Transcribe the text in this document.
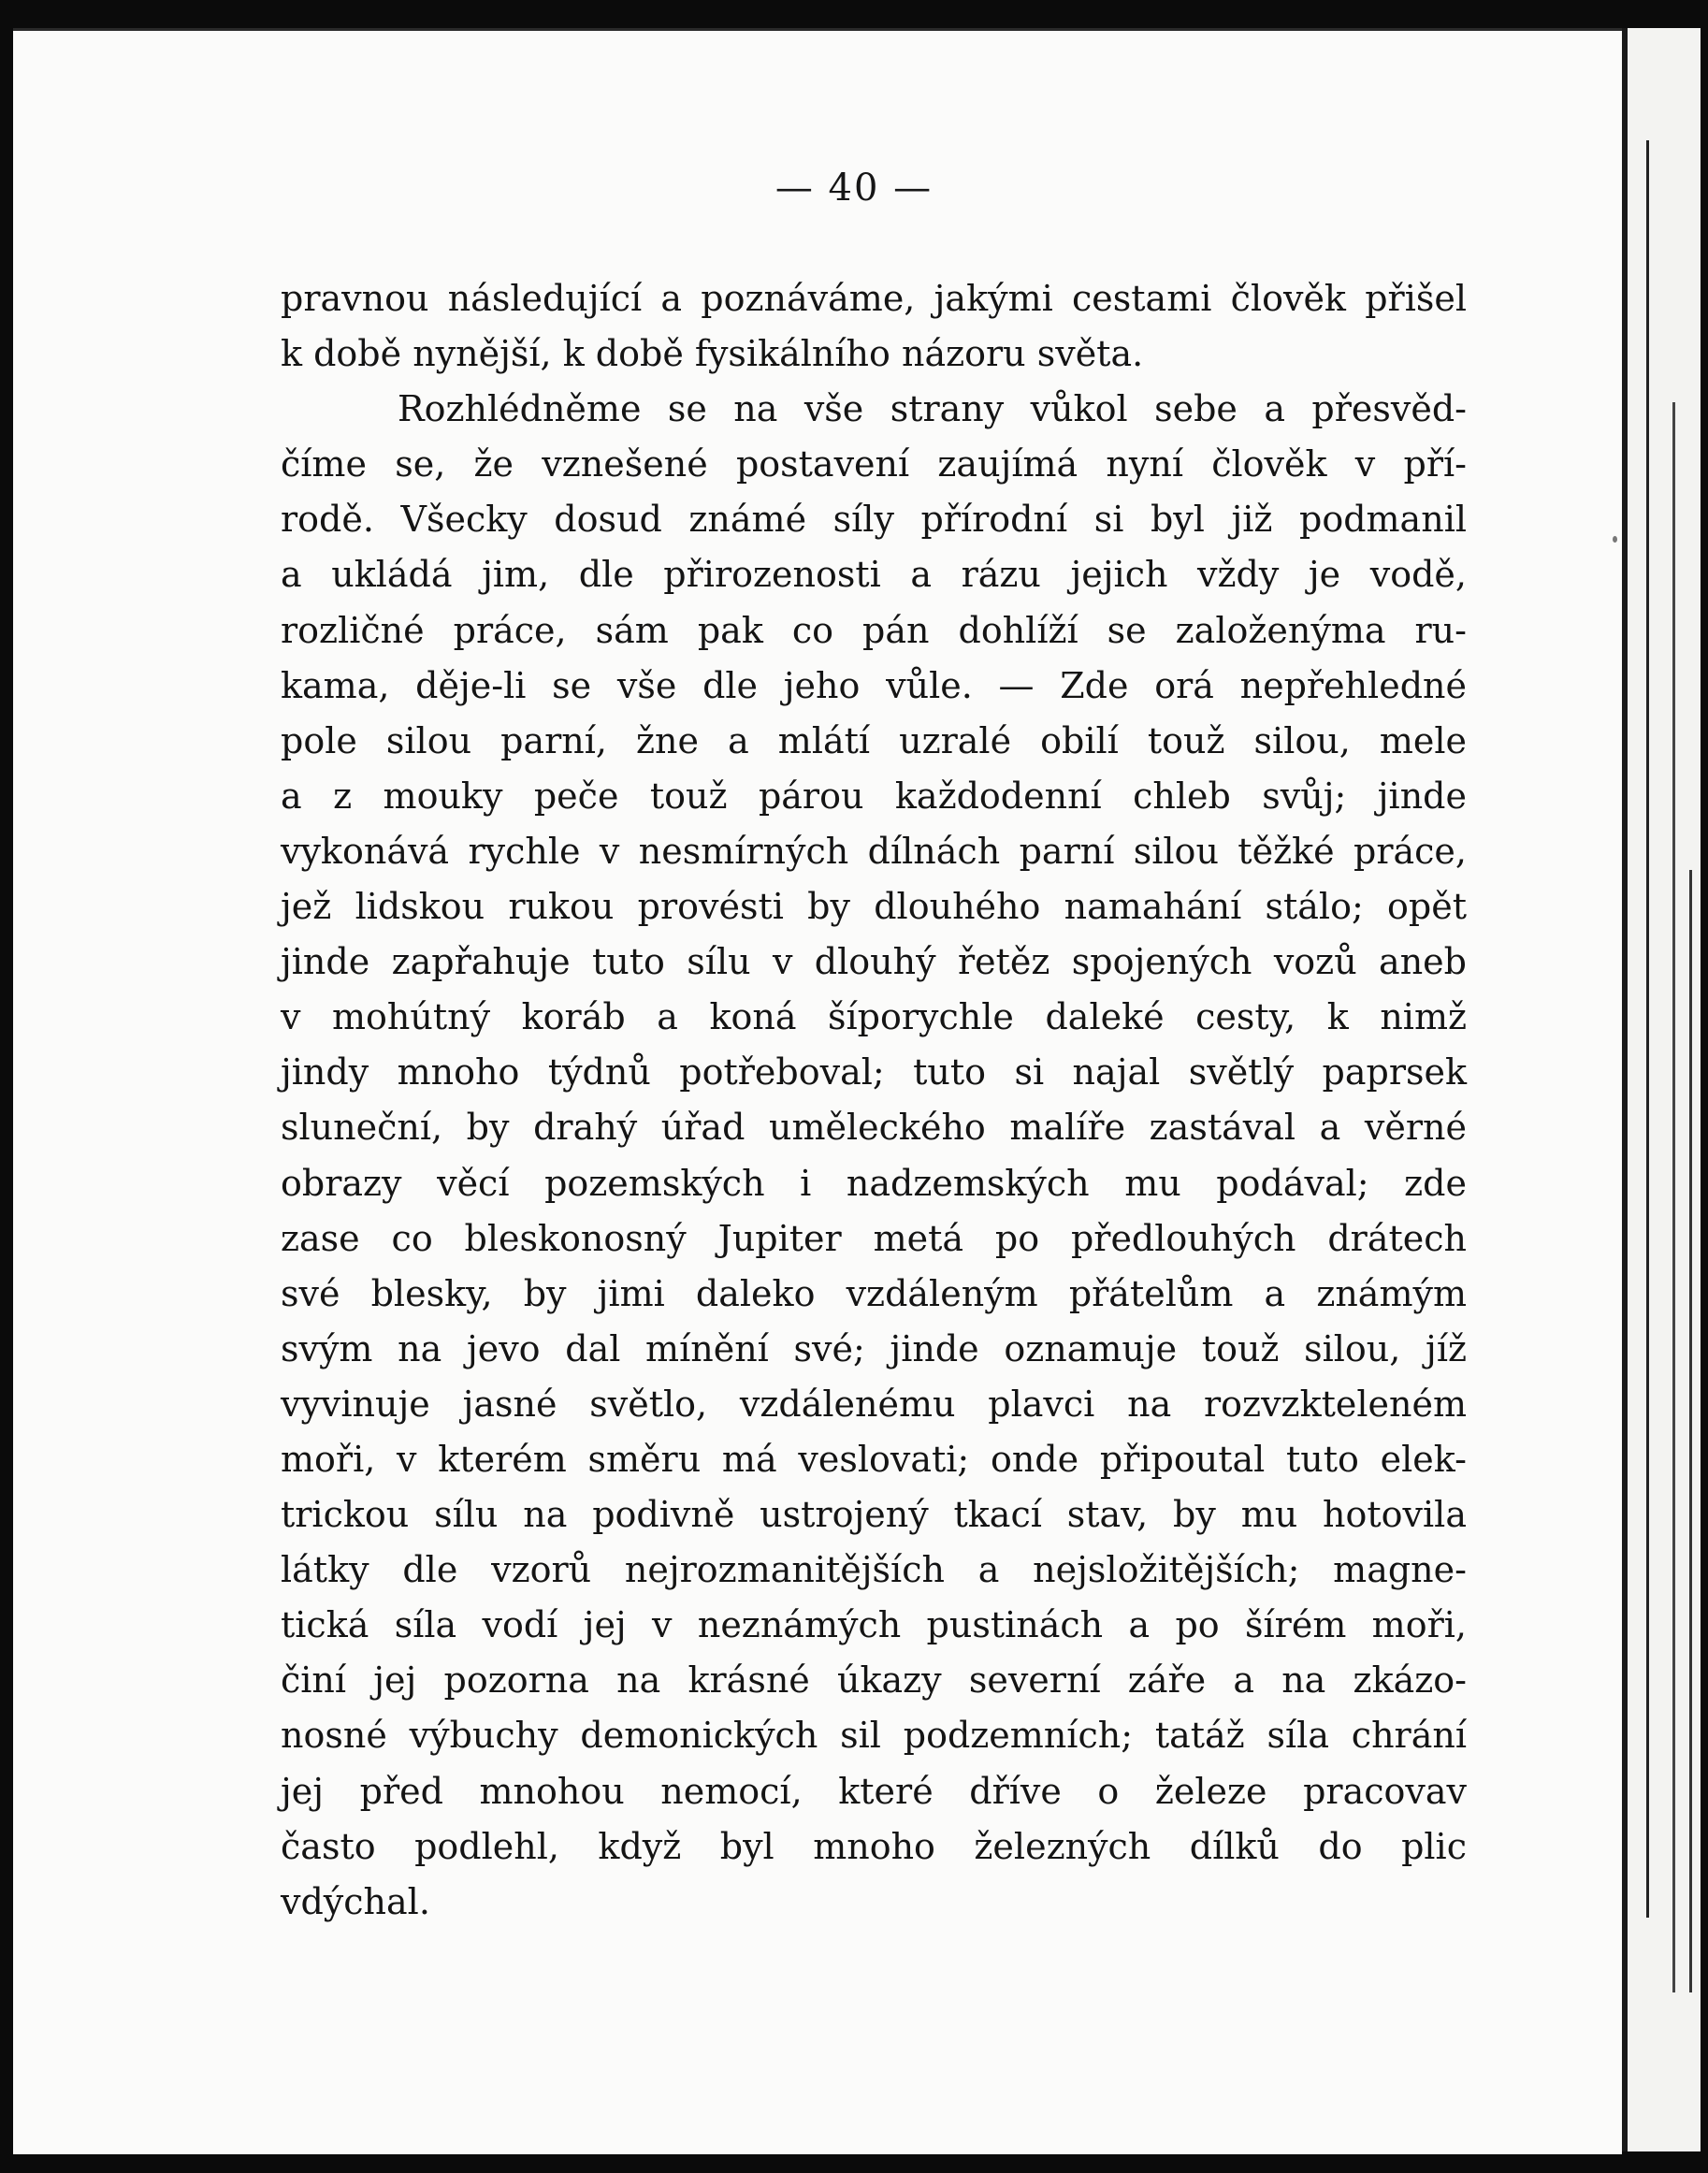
— 40 —
pravnou následující a poznáváme, jakými cestami člověk přišel
k době nynější, k době fysikálního názoru světa.
Rozhlédněme se na vše strany vůkol sebe a přesvěd-
číme se, že vznešené postavení zaujímá nyní člověk v pří-
rodě. Všecky dosud známé síly přírodní si byl již podmanil
a ukládá jim, dle přirozenosti a rázu jejich vždy je vodě,
rozličné práce, sám pak co pán dohlíží se založenýma ru-
kama, děje-li se vše dle jeho vůle. — Zde orá nepřehledné
pole silou parní, žne a mlátí uzralé obilí touž silou, mele
a z mouky peče touž párou každodenní chleb svůj; jinde
vykonává rychle v nesmírných dílnách parní silou těžké práce,
jež lidskou rukou provésti by dlouhého namahání stálo; opět
jinde zapřahuje tuto sílu v dlouhý řetěz spojených vozů aneb
v mohútný koráb a koná šíporychle daleké cesty, k nimž
jindy mnoho týdnů potřeboval; tuto si najal světlý paprsek
sluneční, by drahý úřad uměleckého malíře zastával a věrné
obrazy věcí pozemských i nadzemských mu podával; zde
zase co bleskonosný Jupiter metá po předlouhých drátech
své blesky, by jimi daleko vzdáleným přátelům a známým
svým na jevo dal mínění své; jinde oznamuje touž silou, jíž
vyvinuje jasné světlo, vzdálenému plavci na rozvzkteleném
moři, v kterém směru má veslovati; onde připoutal tuto elek-
trickou sílu na podivně ustrojený tkací stav, by mu hotovila
látky dle vzorů nejrozmanitějších a nejsložitějších; magne-
tická síla vodí jej v neznámých pustinách a po šírém moři,
činí jej pozorna na krásné úkazy severní záře a na zkázo-
nosné výbuchy demonických sil podzemních; tatáž síla chrání
jej před mnohou nemocí, které dříve o železe pracovav
často podlehl, když byl mnoho železných dílků do plic
vdýchal.
